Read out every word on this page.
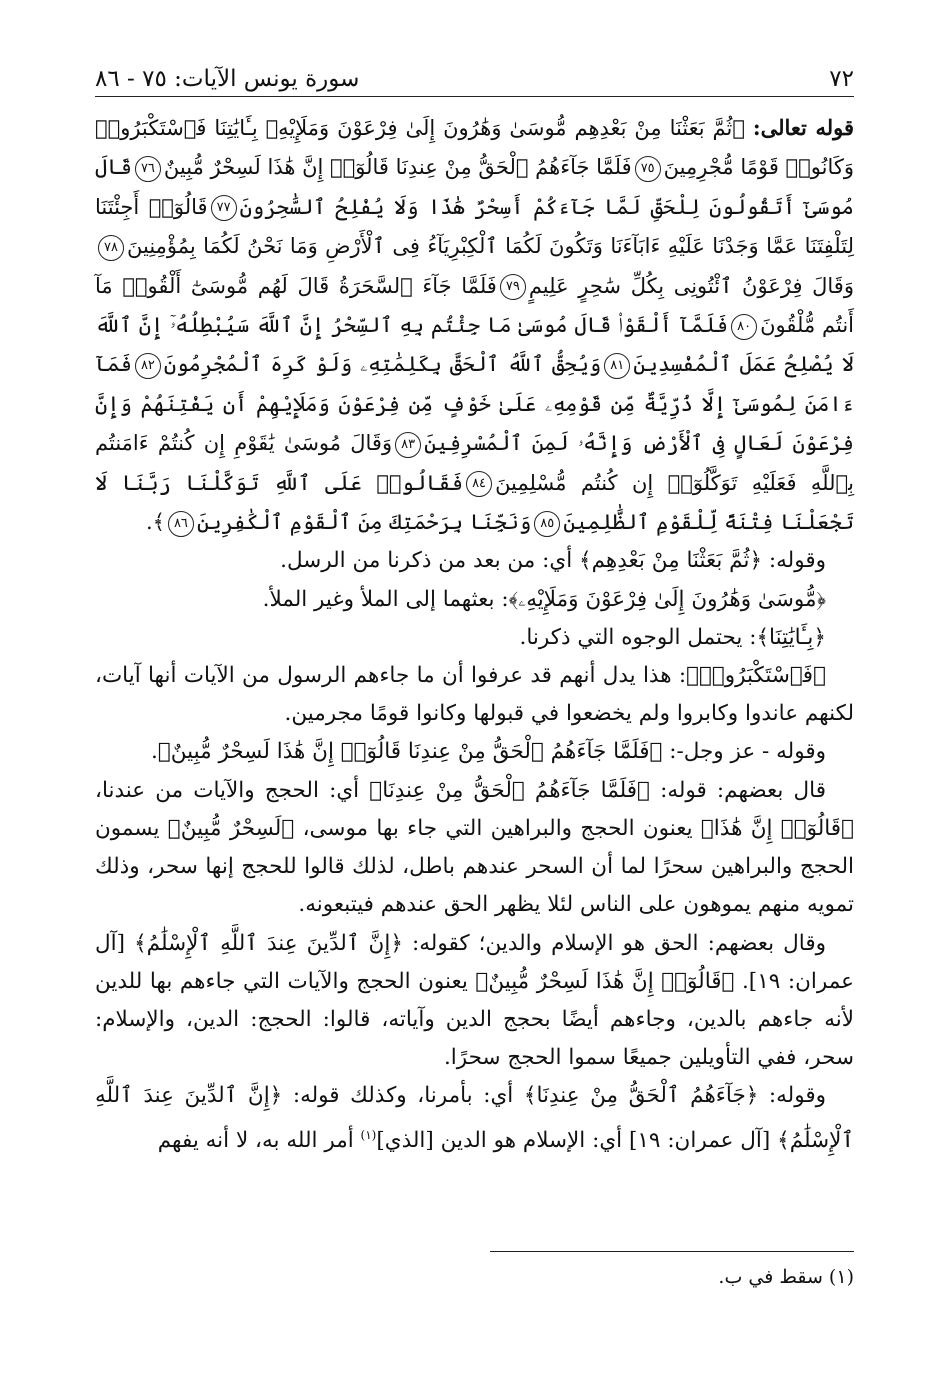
٧٢
سورة يونس الآيات: ٧٥ - ٨٦

قوله تعالى: ﴿ثُمَّ بَعَثْنَا مِنْ بَعْدِهِم مُّوسَىٰ وَهَٰرُونَ إِلَىٰ فِرْعَوْنَ وَمَلَإِيْهِۦ بِـَٔايَٰتِنَا فَٱسْتَكْبَرُوا۟ وَكَانُوا۟ قَوْمًا مُّجْرِمِينَ٧٥فَلَمَّا جَآءَهُمُ ٱلْحَقُّ مِنْ عِندِنَا قَالُوٓا۟ إِنَّ هَٰذَا لَسِحْرٌ مُّبِينٌ٧٦قَالَ مُوسَىٰٓ أَتَقُولُونَ لِلْحَقِّ لَمَّا جَآءَكُمْ أَسِحْرٌ هَٰذَا وَلَا يُفْلِحُ ٱلسَّٰحِرُونَ٧٧قَالُوٓا۟ أَجِئْتَنَا لِتَلْفِتَنَا عَمَّا وَجَدْنَا عَلَيْهِ ءَابَآءَنَا وَتَكُونَ لَكُمَا ٱلْكِبْرِيَآءُ فِى ٱلْأَرْضِ وَمَا نَحْنُ لَكُمَا بِمُؤْمِنِينَ٧٨وَقَالَ فِرْعَوْنُ ٱئْتُونِى بِكُلِّ سَٰحِرٍ عَلِيمٍ٧٩فَلَمَّا جَآءَ ٱلسَّحَرَةُ قَالَ لَهُم مُّوسَىٰٓ أَلْقُوا۟ مَآ أَنتُم مُّلْقُونَ٨٠فَلَمَّآ أَلْقَوْا۟ قَالَ مُوسَىٰ مَا جِئْتُم بِهِ ٱلسِّحْرُ إِنَّ ٱللَّهَ سَيُبْطِلُهُۥٓ إِنَّ ٱللَّهَ لَا يُصْلِحُ عَمَلَ ٱلْمُفْسِدِينَ٨١وَيُحِقُّ ٱللَّهُ ٱلْحَقَّ بِكَلِمَٰتِهِۦ وَلَوْ كَرِهَ ٱلْمُجْرِمُونَ٨٢فَمَآ ءَامَنَ لِمُوسَىٰٓ إِلَّا ذُرِّيَّةٌ مِّن قَوْمِهِۦ عَلَىٰ خَوْفٍ مِّن فِرْعَوْنَ وَمَلَإِيْهِمْ أَن يَفْتِنَهُمْ وَإِنَّ فِرْعَوْنَ لَعَالٍ فِى ٱلْأَرْضِ وَإِنَّهُۥ لَمِنَ ٱلْمُسْرِفِينَ٨٣وَقَالَ مُوسَىٰ يَٰقَوْمِ إِن كُنتُمْ ءَامَنتُم بِٱللَّهِ فَعَلَيْهِ تَوَكَّلُوٓا۟ إِن كُنتُم مُّسْلِمِينَ٨٤فَقَالُوا۟ عَلَى ٱللَّهِ تَوَكَّلْنَا رَبَّنَا لَا تَجْعَلْنَا فِتْنَةً لِّلْقَوْمِ ٱلظَّٰلِمِينَ٨٥وَنَجِّنَا بِرَحْمَتِكَ مِنَ ٱلْقَوْمِ ٱلْكَٰفِرِينَ٨٦﴾.

وقوله: ﴿ثُمَّ بَعَثْنَا مِنْ بَعْدِهِم﴾ أي: من بعد من ذكرنا من الرسل.

﴿مُّوسَىٰ وَهَٰرُونَ إِلَىٰ فِرْعَوْنَ وَمَلَإِيْهِۦ﴾: بعثهما إلى الملأ وغير الملأ.

﴿بِـَٔايَٰتِنَا﴾: يحتمل الوجوه التي ذكرنا.

﴿فَٱسْتَكْبَرُوا۟﴾: هذا يدل أنهم قد عرفوا أن ما جاءهم الرسول من الآيات أنها آيات، لكنهم عاندوا وكابروا ولم يخضعوا في قبولها وكانوا قومًا مجرمين.

وقوله - عز وجل-: ﴿فَلَمَّا جَآءَهُمُ ٱلْحَقُّ مِنْ عِندِنَا قَالُوٓا۟ إِنَّ هَٰذَا لَسِحْرٌ مُّبِينٌ﴾.

قال بعضهم: قوله: ﴿فَلَمَّا جَآءَهُمُ ٱلْحَقُّ مِنْ عِندِنَا﴾ أي: الحجج والآيات من عندنا، ﴿قَالُوٓا۟ إِنَّ هَٰذَا﴾ يعنون الحجج والبراهين التي جاء بها موسى، ﴿لَسِحْرٌ مُّبِينٌ﴾ يسمون الحجج والبراهين سحرًا لما أن السحر عندهم باطل، لذلك قالوا للحجج إنها سحر، وذلك تمويه منهم يموهون على الناس لئلا يظهر الحق عندهم فيتبعونه.

وقال بعضهم: الحق هو الإسلام والدين؛ كقوله: ﴿إِنَّ ٱلدِّينَ عِندَ ٱللَّهِ ٱلْإِسْلَٰمُ﴾ [آل عمران: ١٩]. ﴿قَالُوٓا۟ إِنَّ هَٰذَا لَسِحْرٌ مُّبِينٌ﴾ يعنون الحجج والآيات التي جاءهم بها للدين لأنه جاءهم بالدين، وجاءهم أيضًا بحجج الدين وآياته، قالوا: الحجج: الدين، والإسلام: سحر، ففي التأويلين جميعًا سموا الحجج سحرًا.

وقوله: ﴿جَآءَهُمُ ٱلْحَقُّ مِنْ عِندِنَا﴾ أي: بأمرنا، وكذلك قوله: ﴿إِنَّ ٱلدِّينَ عِندَ ٱللَّهِ ٱلْإِسْلَٰمُ﴾ [آل عمران: ١٩] أي: الإسلام هو الدين [الذي]$^{(١)}$ أمر الله به، لا أنه يفهم

(١) سقط في ب.
